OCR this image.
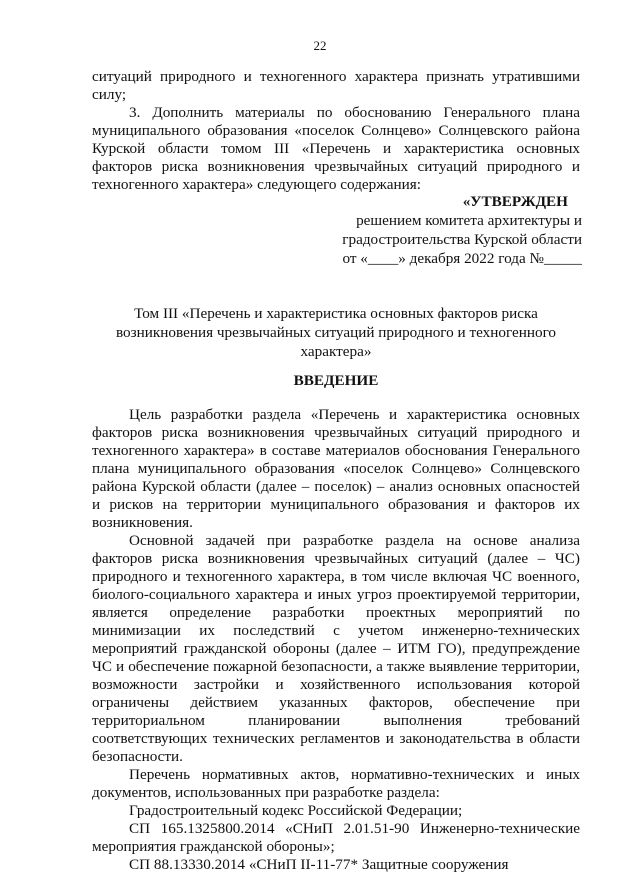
22

ситуаций природного и техногенного характера признать утратившими силу;

3. Дополнить материалы по обоснованию Генерального плана муниципального образования «поселок Солнцево» Солнцевского района Курской области томом III «Перечень и характеристика основных факторов риска возникновения чрезвычайных ситуаций природного и техногенного характера» следующего содержания:

«УТВЕРЖДЕН
решением комитета архитектуры и
градостроительства Курской области
от «____» декабря 2022 года №_____
Том III «Перечень и характеристика основных факторов риска возникновения чрезвычайных ситуаций природного и техногенного характера»
ВВЕДЕНИЕ

Цель разработки раздела «Перечень и характеристика основных факторов риска возникновения чрезвычайных ситуаций природного и техногенного характера» в составе материалов обоснования Генерального плана муниципального образования «поселок Солнцево» Солнцевского района Курской области (далее – поселок) – анализ основных опасностей и рисков на территории муниципального образования и факторов их возникновения.

Основной задачей при разработке раздела на основе анализа факторов риска возникновения чрезвычайных ситуаций (далее – ЧС) природного и техногенного характера, в том числе включая ЧС военного, биолого-социального характера и иных угроз проектируемой территории, является определение разработки проектных мероприятий по минимизации их последствий с учетом инженерно-технических мероприятий гражданской обороны (далее – ИТМ ГО), предупреждение ЧС и обеспечение пожарной безопасности, а также выявление территории, возможности застройки и хозяйственного использования которой ограничены действием указанных факторов, обеспечение при территориальном планировании выполнения требований соответствующих технических регламентов и законодательства в области безопасности.

Перечень нормативных актов, нормативно-технических и иных документов, использованных при разработке раздела:

Градостроительный кодекс Российской Федерации;

СП 165.1325800.2014 «СНиП 2.01.51-90 Инженерно-технические мероприятия гражданской обороны»;

СП 88.13330.2014 «СНиП II-11-77* Защитные сооружения
